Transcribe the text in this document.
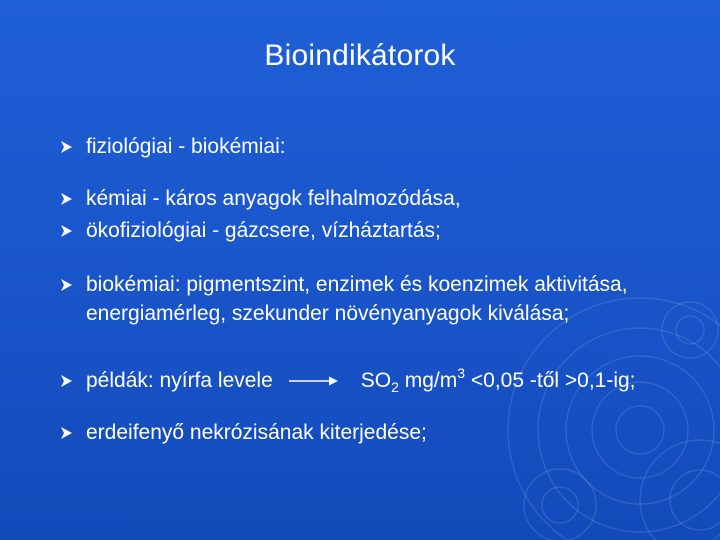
Bioindikátorok
fiziológiai - biokémiai:
kémiai - káros anyagok felhalmozódása,
ökofiziológiai - gázcsere, vízháztartás;
biokémiai: pigmentszint, enzimek és koenzimek aktivitása,
energiamérleg, szekunder növényanyagok kiválása;
példák: nyírfa levele	$SO_2$ $mg/m^3 <0,05$ -től >0,1-ig;
erdeifenyő nekrózisának kiterjedése;
